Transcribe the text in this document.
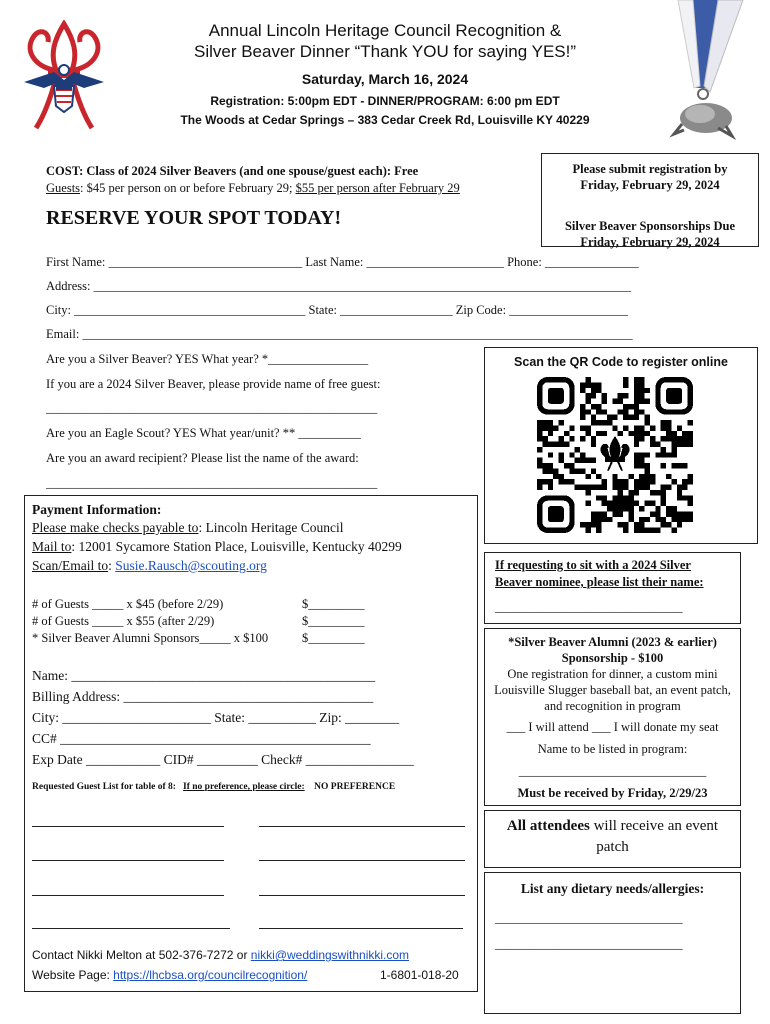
Annual Lincoln Heritage Council Recognition &
Silver Beaver Dinner “Thank YOU for saying YES!”
Saturday, March 16, 2024
Registration: 5:00pm EDT - DINNER/PROGRAM: 6:00 pm EDT
The Woods at Cedar Springs – 383 Cedar Creek Rd, Louisville KY 40229
COST: Class of 2024 Silver Beavers (and one spouse/guest each): Free
Guests: $45 per person on or before February 29; $55 per person after February 29
Please submit registration by
Friday, February 29, 2024
Silver Beaver Sponsorships Due
Friday, February 29, 2024
RESERVE YOUR SPOT TODAY!
First Name: _______________________________ Last Name: ______________________ Phone: _______________
Address: ______________________________________________________________________________________
City: _____________________________________ State: __________________ Zip Code: ___________________
Email: ________________________________________________________________________________________
Are you a Silver Beaver? YES What year? *________________
If you are a 2024 Silver Beaver, please provide name of free guest:
_____________________________________________________
Are you an Eagle Scout? YES What year/unit? ** __________
Are you an award recipient? Please list the name of the award:
_____________________________________________________
Scan the QR Code to register online
Payment Information:
Please make checks payable to: Lincoln Heritage Council
Mail to: 12001 Sycamore Station Place, Louisville, Kentucky 40299
Scan/Email to: Susie.Rausch@scouting.org
# of Guests _____ x $45 (before 2/29)	$_________
# of Guests _____ x $55 (after 2/29)	$_________
* Silver Beaver Alumni Sponsors_____ x $100	$_________
Name: _____________________________________________
Billing Address: _____________________________________
City: ______________________ State: __________ Zip: ________
CC# ______________________________________________
Exp Date ___________ CID# _________ Check# ________________
Requested Guest List for table of 8: If no preference, please circle: NO PREFERENCE
Contact Nikki Melton at 502-376-7272 or nikki@weddingswithnikki.com
Website Page: https://lhcbsa.org/councilrecognition/	1-6801-018-20
If requesting to sit with a 2024 Silver
Beaver nominee, please list their name:
______________________________
*Silver Beaver Alumni (2023 & earlier)
Sponsorship - $100
One registration for dinner, a custom mini Louisville Slugger baseball bat, an event patch, and recognition in program
___ I will attend ___ I will donate my seat
Name to be listed in program:
______________________________
Must be received by Friday, 2/29/23
All attendees will receive an event patch
List any dietary needs/allergies:
______________________________
______________________________
